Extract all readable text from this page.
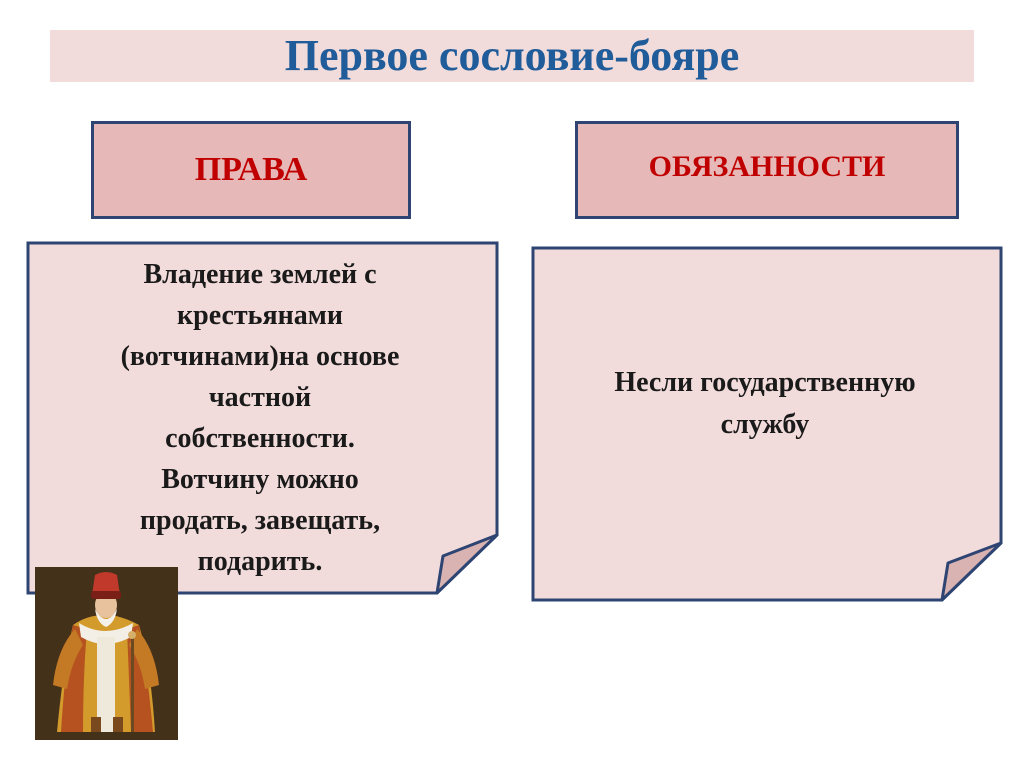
Первое сословие-бояре
ПРАВА	ОБЯЗАННОСТИ
Владение землей с
крестьянами
(вотчинами)на основе
частной
собственности.
Вотчину можно
продать, завещать,
подарить.
Несли государственную
службу
